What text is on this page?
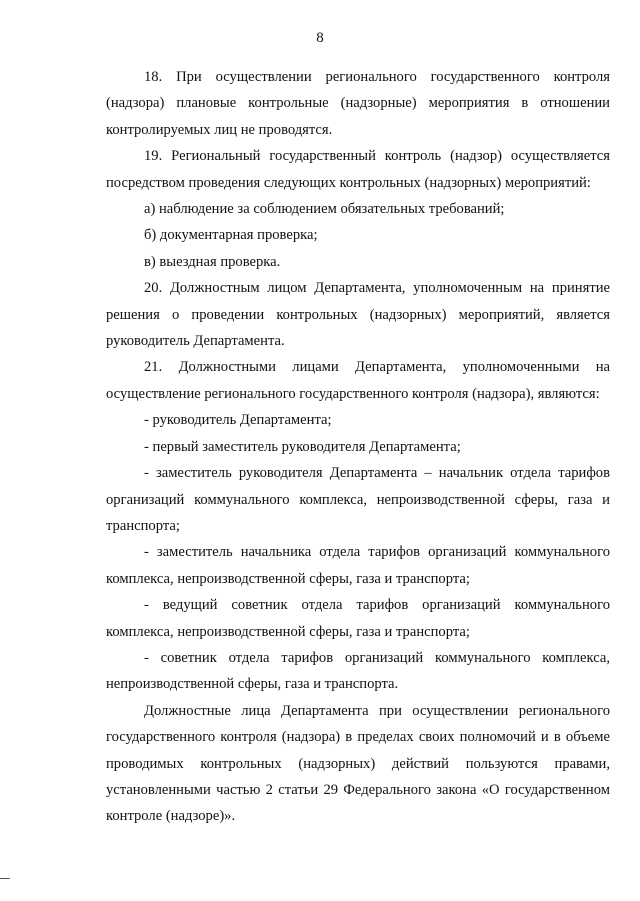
8

18. При осуществлении регионального государственного контроля (надзора) плановые контрольные (надзорные) мероприятия в отношении контролируемых лиц не проводятся.

19. Региональный государственный контроль (надзор) осуществляется посредством проведения следующих контрольных (надзорных) мероприятий:

а) наблюдение за соблюдением обязательных требований;

б) документарная проверка;

в) выездная проверка.

20. Должностным лицом Департамента, уполномоченным на принятие решения о проведении контрольных (надзорных) мероприятий, является руководитель Департамента.

21. Должностными лицами Департамента, уполномоченными на осуществление регионального государственного контроля (надзора), являются:

- руководитель Департамента;

- первый заместитель руководителя Департамента;

- заместитель руководителя Департамента – начальник отдела тарифов организаций коммунального комплекса, непроизводственной сферы, газа и транспорта;

- заместитель начальника отдела тарифов организаций коммунального комплекса, непроизводственной сферы, газа и транспорта;

- ведущий советник отдела тарифов организаций коммунального комплекса, непроизводственной сферы, газа и транспорта;

- советник отдела тарифов организаций коммунального комплекса, непроизводственной сферы, газа и транспорта.

Должностные лица Департамента при осуществлении регионального государственного контроля (надзора) в пределах своих полномочий и в объеме проводимых контрольных (надзорных) действий пользуются правами, установленными частью 2 статьи 29 Федерального закона «О государственном контроле (надзоре)».
